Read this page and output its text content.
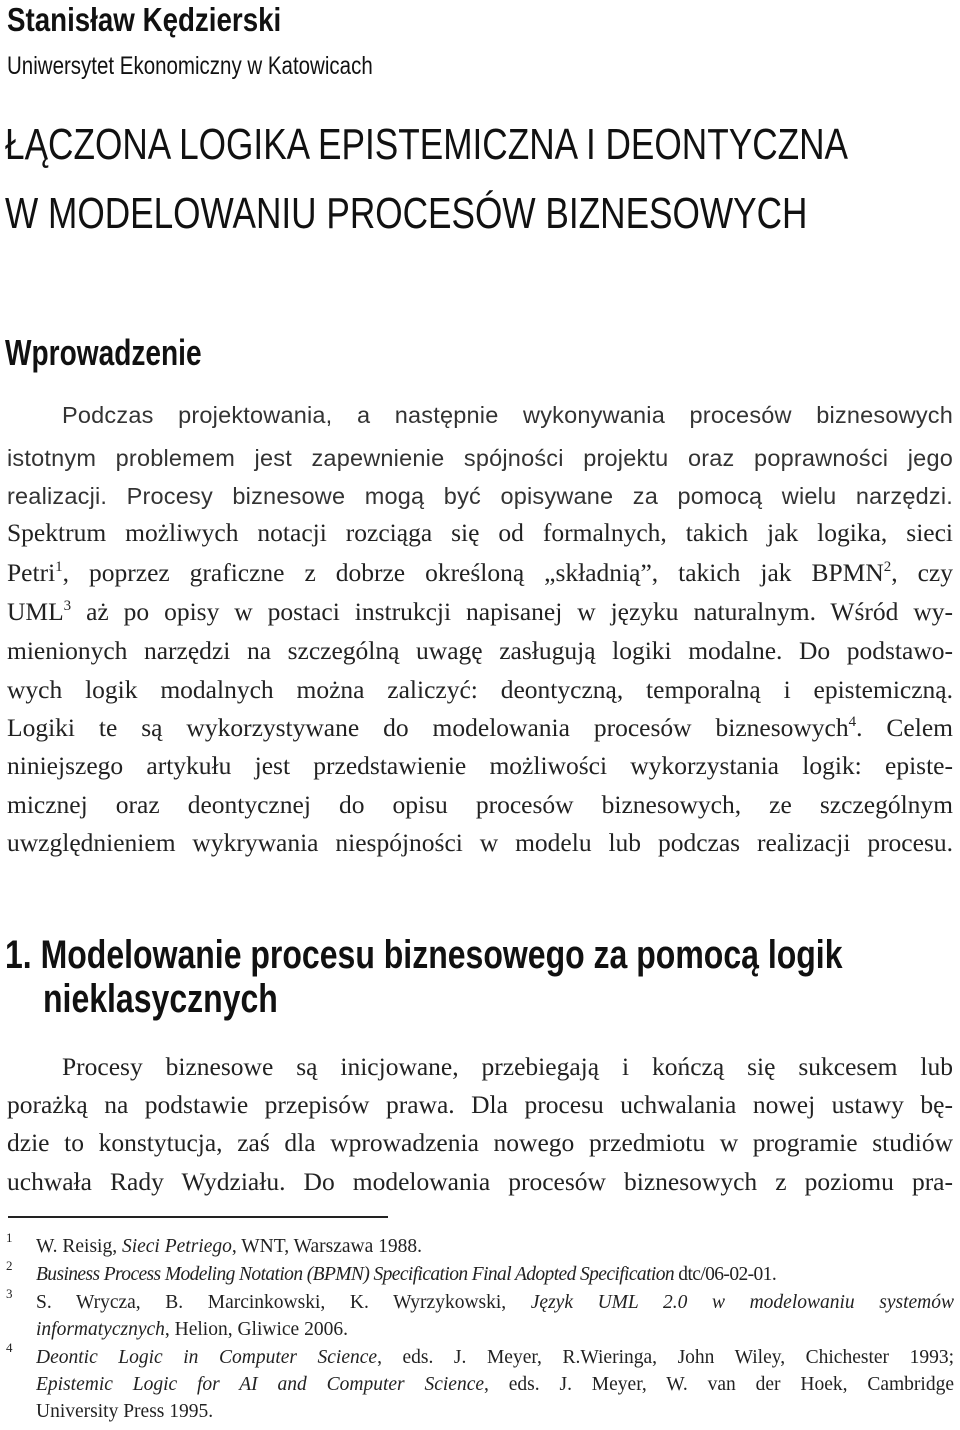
Stanisław Kędzierski
Uniwersytet Ekonomiczny w Katowicach
ŁĄCZONA LOGIKA EPISTEMICZNA I DEONTYCZNA
W MODELOWANIU PROCESÓW BIZNESOWYCH
Wprowadzenie
Podczas projektowania, a następnie wykonywania procesów biznesowych
istotnym problemem jest zapewnienie spójności projektu oraz poprawności jego
realizacji. Procesy biznesowe mogą być opisywane za pomocą wielu narzędzi.
Spektrum możliwych notacji rozciąga się od formalnych, takich jak logika, sieci
Petri$^1$, poprzez graficzne z dobrze określoną „składnią”, takich jak BPMN$^2$, czy
UML$^3$ aż po opisy w postaci instrukcji napisanej w języku naturalnym. Wśród wy-
mienionych narzędzi na szczególną uwagę zasługują logiki modalne. Do podstawo-
wych logik modalnych można zaliczyć: deontyczną, temporalną i epistemiczną.
Logiki te są wykorzystywane do modelowania procesów biznesowych$^4$. Celem
niniejszego artykułu jest przedstawienie możliwości wykorzystania logik: episte-
micznej oraz deontycznej do opisu procesów biznesowych, ze szczególnym
uwzględnieniem wykrywania niespójności w modelu lub podczas realizacji procesu.
1. Modelowanie procesu biznesowego za pomocą logik
nieklasycznych
Procesy biznesowe są inicjowane, przebiegają i kończą się sukcesem lub
porażką na podstawie przepisów prawa. Dla procesu uchwalania nowej ustawy bę-
dzie to konstytucja, zaś dla wprowadzenia nowego przedmiotu w programie studiów
uchwała Rady Wydziału. Do modelowania procesów biznesowych z poziomu pra-
1 W. Reisig, Sieci Petriego, WNT, Warszawa 1988.
2 Business Process Modeling Notation (BPMN) Specification Final Adopted Specification dtc/06-02-01.
3 S. Wrycza, B. Marcinkowski, K. Wyrzykowski, Język UML 2.0 w modelowaniu systemów
informatycznych, Helion, Gliwice 2006.
4 Deontic Logic in Computer Science, eds. J. Meyer, R.Wieringa, John Wiley, Chichester 1993;
Epistemic Logic for AI and Computer Science, eds. J. Meyer, W. van der Hoek, Cambridge
University Press 1995.
